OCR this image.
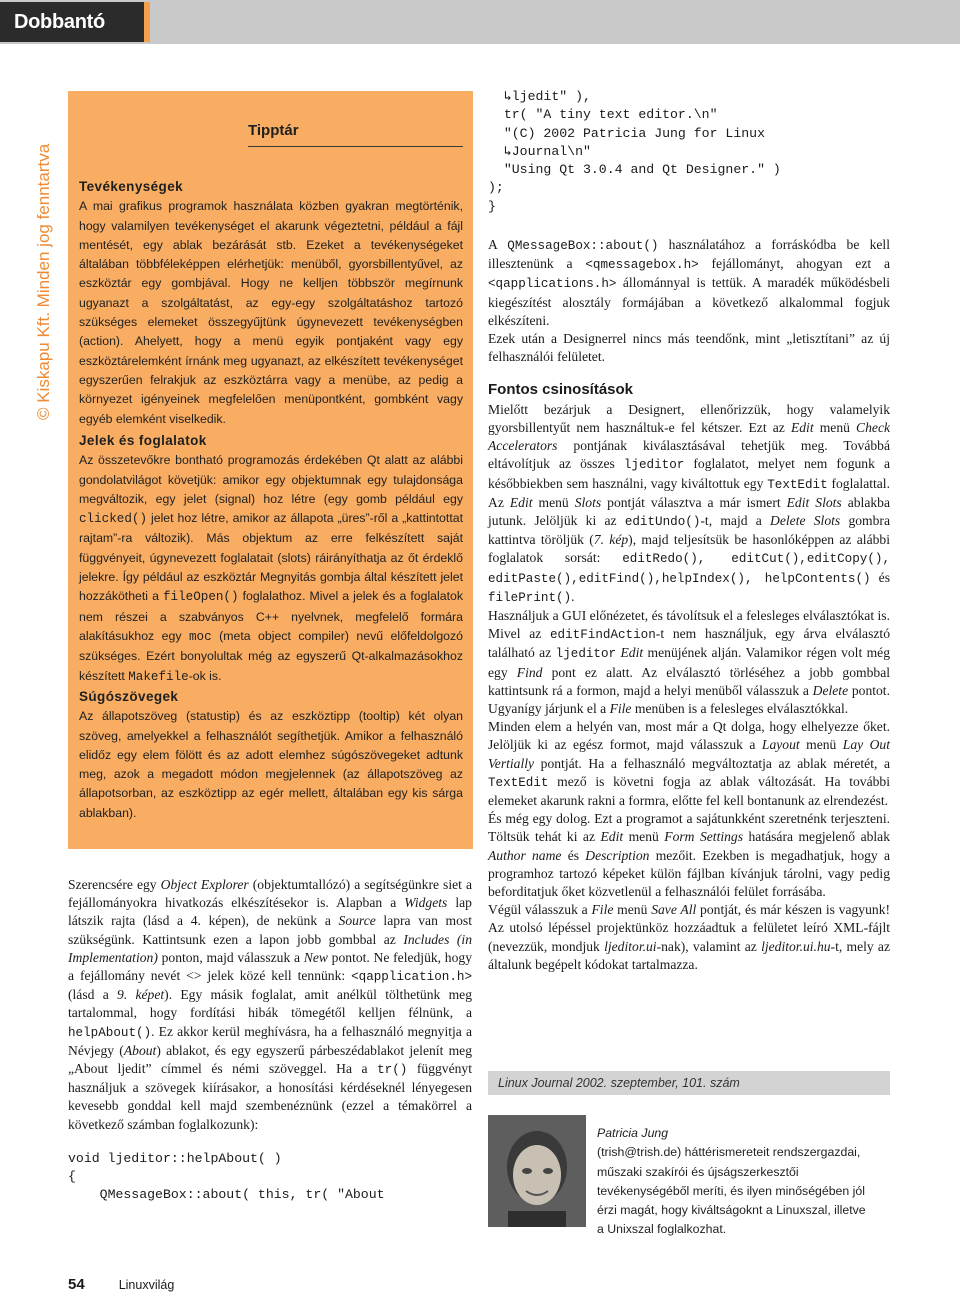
Dobbantó
© Kiskapu Kft. Minden jog fenntartva
Tipptár
Tevékenységek

A mai grafikus programok használata közben gyakran megtörténik, hogy valamilyen tevékenységet el akarunk végeztetni, például a fájl mentését, egy ablak bezárását stb. Ezeket a tevékenységeket általában többféleképpen elérhetjük: menüből, gyorsbillentyűvel, az eszköztár egy gombjával. Hogy ne kelljen többször megírnunk ugyanazt a szolgáltatást, az egy-egy szolgáltatáshoz tartozó szükséges elemeket összegyűjtünk úgynevezett tevékenységben (action). Ahelyett, hogy a menü egyik pontjaként vagy egy eszköztárelemként írnánk meg ugyanazt, az elkészített tevékenységet egyszerűen felrakjuk az eszköztárra vagy a menübe, az pedig a környezet igényeinek megfelelően menüpontként, gombként vagy egyéb elemként viselkedik.

Jelek és foglalatok

Az összetevőkre bontható programozás érdekében Qt alatt az alábbi gondolatvilágot követjük: amikor egy objektumnak egy tulajdonsága megváltozik, egy jelet (signal) hoz létre (egy gomb például egy clicked() jelet hoz létre, amikor az állapota „üres”-ről a „kattintottat rajtam”-ra változik). Más objektum az erre felkészített saját függvényeit, úgynevezett foglalatait (slots) ráirányíthatja az őt érdeklő jelekre. Így például az eszköztár Megnyitás gombja által készített jelet hozzákötheti a fileOpen() foglalathoz. Mivel a jelek és a foglalatok nem részei a szabványos C++ nyelvnek, megfelelő formára alakításukhoz egy moc (meta object compiler) nevű előfeldolgozó szükséges. Ezért bonyolultak még az egyszerű Qt-alkalmazásokhoz készített Makefile-ok is.

Súgószövegek

Az állapotszöveg (statustip) és az eszköztipp (tooltip) két olyan szöveg, amelyekkel a felhasználót segíthetjük. Amikor a felhasználó elidőz egy elem fölött és az adott elemhez súgószövegeket adtunk meg, azok a megadott módon megjelennek (az állapotszöveg az állapotsorban, az eszköztipp az egér mellett, általában egy kis sárga ablakban).

Szerencsére egy Object Explorer (objektumtallózó) a segítségünkre siet a fejállományokra hivatkozás elkészítésekor is. Alapban a Widgets lap látszik rajta (lásd a 4. képen), de nekünk a Source lapra van most szükségünk. Kattintsunk ezen a lapon jobb gombbal az Includes (in Implementation) ponton, majd válasszuk a New pontot. Ne feledjük, hogy a fejállomány nevét <> jelek közé kell tennünk: <qapplication.h> (lásd a 9. képet). Egy másik foglalat, amit anélkül tölthetünk meg tartalommal, hogy fordítási hibák tömegétől kelljen félnünk, a helpAbout(). Ez akkor kerül meghívásra, ha a felhasználó megnyitja a Névjegy (About) ablakot, és egy egyszerű párbeszédablakot jelenít meg „About ljedit” címmel és némi szöveggel. Ha a tr() függvényt használjuk a szövegek kiírásakor, a honosítási kérdéseknél lényegesen kevesebb gonddal kell majd szembenéznünk (ezzel a témakörrel a következő számban foglalkozunk):

void ljeditor::helpAbout( )
{
QMessageBox::about( this, tr( "About
↳ljedit" ),
tr( "A tiny text editor.\n"
"(C) 2002 Patricia Jung for Linux
↳Journal\n"
"Using Qt 3.0.4 and Qt Designer." )
);
}

A QMessageBox::about() használatához a forráskódba be kell illesztenünk a <qmessagebox.h> fejállományt, ahogyan ezt a <qapplications.h> állománnyal is tettük. A maradék működésbeli kiegészítést alosztály formájában a következő alkalommal fogjuk elkészíteni.

Ezek után a Designerrel nincs más teendőnk, mint „letisztítani” az új felhasználói felületet.

Fontos csinosítások

Mielőtt bezárjuk a Designert, ellenőrizzük, hogy valamelyik gyorsbillentyűt nem használtuk-e fel kétszer. Ezt az Edit menü Check Accelerators pontjának kiválasztásával tehetjük meg. Továbbá eltávolítjuk az összes ljeditor foglalatot, melyet nem fogunk a későbbiekben sem használni, vagy kiváltottuk egy TextEdit foglalattal. Az Edit menü Slots pontját választva a már ismert Edit Slots ablakba jutunk. Jelöljük ki az editUndo()-t, majd a Delete Slots gombra kattintva töröljük (7. kép), majd teljesítsük be hasonlóképpen az alábbi foglalatok sorsát: editRedo(), editCut(),editCopy(), editPaste(),editFind(),helpIndex(), helpContents() és filePrint().

Használjuk a GUI előnézetet, és távolítsuk el a felesleges elválasztókat is. Mivel az editFindAction-t nem használjuk, egy árva elválasztó található az ljeditor Edit menüjének alján. Valamikor régen volt még egy Find pont ez alatt. Az elválasztó törléséhez a jobb gombbal kattintsunk rá a formon, majd a helyi menüből válasszuk a Delete pontot. Ugyanígy járjunk el a File menüben is a felesleges elválasztókkal.

Minden elem a helyén van, most már a Qt dolga, hogy elhelyezze őket. Jelöljük ki az egész formot, majd válasszuk a Layout menü Lay Out Vertially pontját. Ha a felhasználó megváltoztatja az ablak méretét, a TextEdit mező is követni fogja az ablak változását. Ha további elemeket akarunk rakni a formra, előtte fel kell bontanunk az elrendezést.

És még egy dolog. Ezt a programot a sajátunkként szeretnénk terjeszteni. Töltsük tehát ki az Edit menü Form Settings hatására megjelenő ablak Author name és Description mezőit. Ezekben is megadhatjuk, hogy a programhoz tartozó képeket külön fájlban kívánjuk tárolni, vagy pedig beforditatjuk őket közvetlenül a felhasználói felület forrásába.

Végül válasszuk a File menü Save All pontját, és már készen is vagyunk! Az utolsó lépéssel projektünköz hozzáadtuk a felületet leíró XML-fájlt (nevezzük, mondjuk ljeditor.ui-nak), valamint az ljeditor.ui.hu-t, mely az általunk begépelt kódokat tartalmazza.

Linux Journal 2002. szeptember, 101. szám
Patricia Jung
(trish@trish.de) háttérismereteit rendszergazdai, műszaki szakírói és újságszerkesztői tevékenységéből meríti, és ilyen minőségében jól érzi magát, hogy kiváltságoknt a Linuxszal, illetve a Unixszal foglalkozhat.
54	Linuxvilág
